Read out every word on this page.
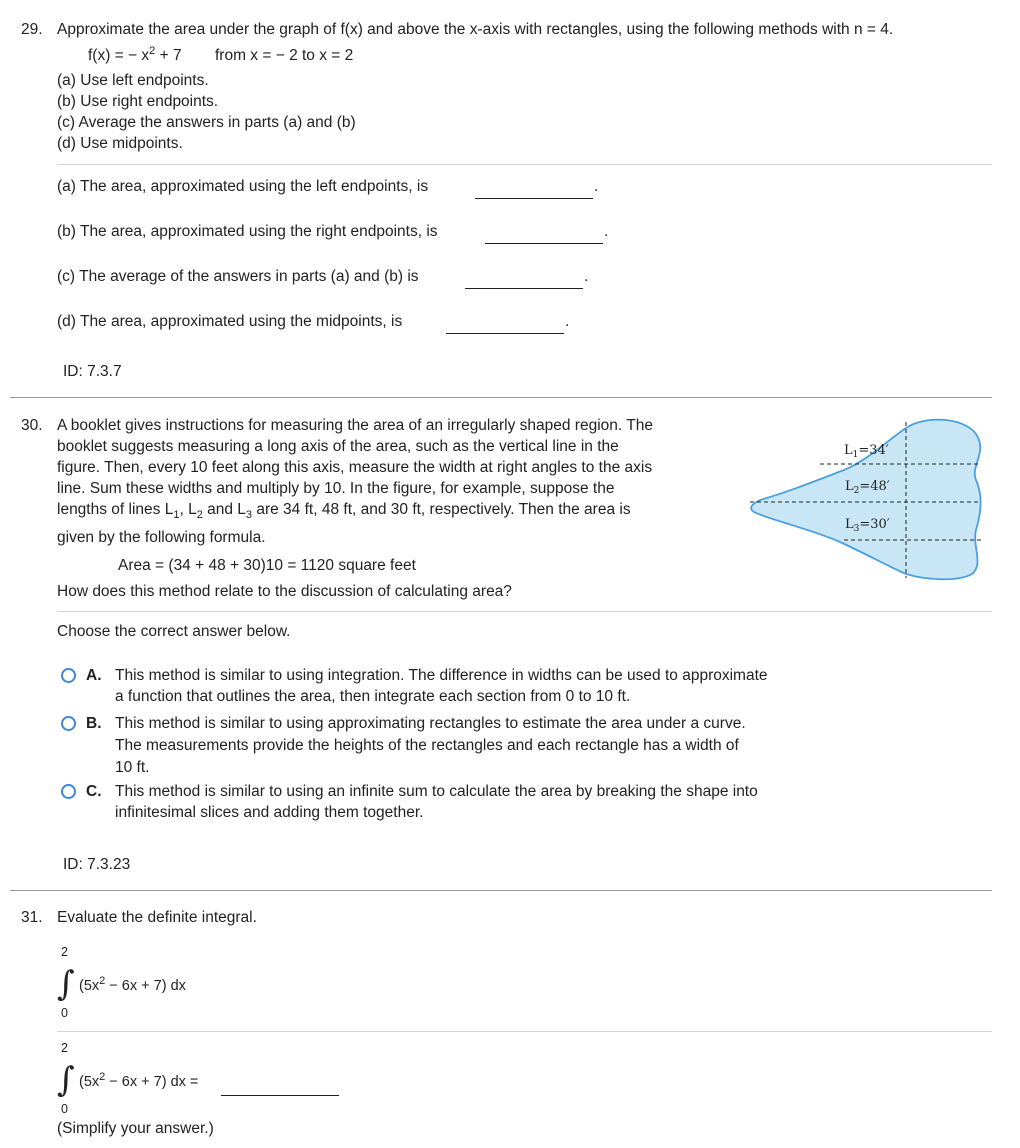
29. Approximate the area under the graph of f(x) and above the x-axis with rectangles, using the following methods with n = 4.
f(x) = − $x^2 + 7$ from x = − 2 to x = 2
(a) Use left endpoints.
(b) Use right endpoints.
(c) Average the answers in parts (a) and (b)
(d) Use midpoints.
(a) The area, approximated using the left endpoints, is	.
(b) The area, approximated using the right endpoints, is	.
(c) The average of the answers in parts (a) and (b) is	.
(d) The area, approximated using the midpoints, is	.
ID: 7.3.7
30. A booklet gives instructions for measuring the area of an irregularly shaped region. The
booklet suggests measuring a long axis of the area, such as the vertical line in the
figure. Then, every 10 feet along this axis, measure the width at right angles to the axis
line. Sum these widths and multiply by 10. In the figure, for example, suppose the
lengths of lines $L_1$, $L_2$ and $L_3$ are 34 ft, 48 ft, and 30 ft, respectively. Then the area is
given by the following formula.
Area = (34 + 48 + 30)10 = 1120 square feet
How does this method relate to the discussion of calculating area?
$L_1=34'$
$L_2=48'$
$L_3=30'$
Choose the correct answer below.
A. This method is similar to using integration. The difference in widths can be used to approximate
a function that outlines the area, then integrate each section from 0 to 10 ft.
B. This method is similar to using approximating rectangles to estimate the area under a curve.
The measurements provide the heights of the rectangles and each rectangle has a width of
10 ft.
C. This method is similar to using an infinite sum to calculate the area by breaking the shape into
infinitesimal slices and adding them together.
ID: 7.3.23
31. Evaluate the definite integral.
2
∫ $(5x^2 - 6x + 7)$ dx
0
2
∫ $(5x^2 - 6x + 7)$ dx =
0
(Simplify your answer.)
